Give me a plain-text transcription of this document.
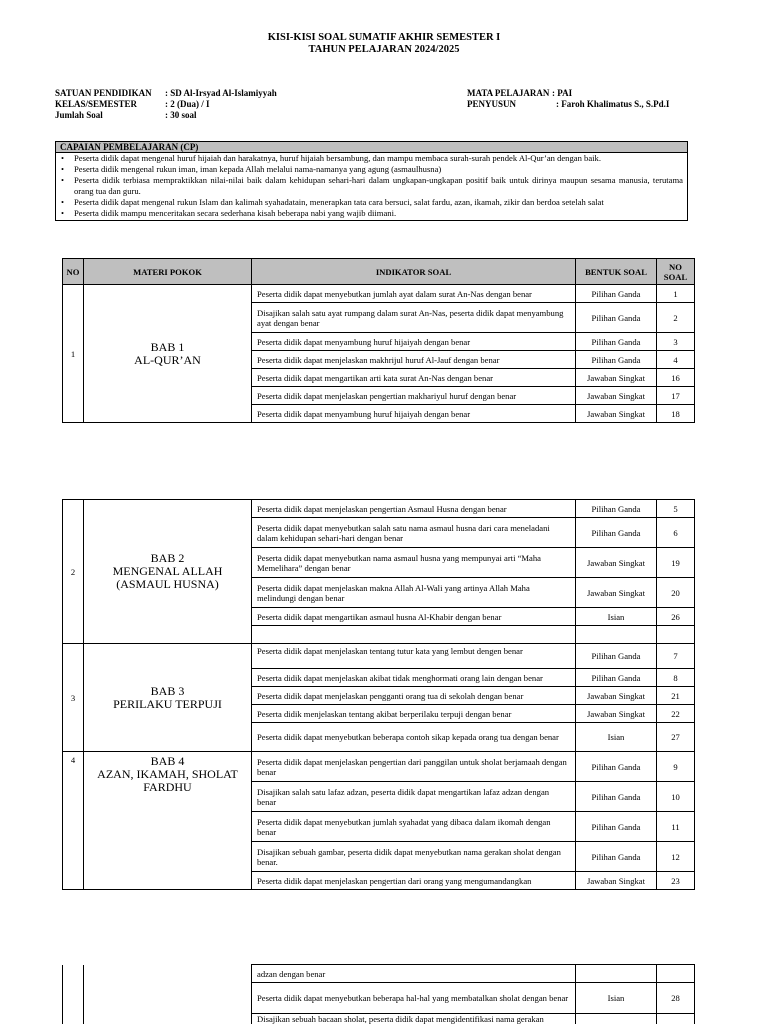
KISI-KISI SOAL SUMATIF AKHIR SEMESTER I
TAHUN PELAJARAN 2024/2025
SATUAN PENDIDIKAN : SD Al-Irsyad Al-Islamiyyah
KELAS/SEMESTER	: 2 (Dua) / I
Jumlah Soal	: 30 soal
MATA PELAJARAN : PAI
PENYUSUN	: Faroh Khalimatus S., S.Pd.I
CAPAIAN PEMBELAJARAN (CP)
• Peserta didik dapat mengenal huruf hijaiah dan harakatnya, huruf hijaiah bersambung, dan mampu membaca surah-surah pendek Al-Qur’an dengan baik.
• Peserta didik mengenal rukun iman, iman kepada Allah melalui nama-namanya yang agung (asmaulhusna)
• Peserta didik terbiasa mempraktikkan nilai-nilai baik dalam kehidupan sehari-hari dalam ungkapan-ungkapan positif baik untuk dirinya maupun sesama manusia, terutama orang tua dan guru.
• Peserta didik dapat mengenal rukun Islam dan kalimah syahadatain, menerapkan tata cara bersuci, salat fardu, azan, ikamah, zikir dan berdoa setelah salat
• Peserta didik mampu menceritakan secara sederhana kisah beberapa nabi yang wajib diimani.
NO	MATERI POKOK	INDIKATOR SOAL	BENTUK SOAL	NO
SOAL
1	BAB 1
AL-QUR’AN	Peserta didik dapat menyebutkan jumlah ayat dalam surat An-Nas dengan benar	Pilihan Ganda	1
		Disajikan salah satu ayat rumpang dalam surat An-Nas, peserta didik dapat menyambung ayat dengan benar	Pilihan Ganda	2
		Peserta didik dapat menyambung huruf hijaiyah dengan benar	Pilihan Ganda	3
		Peserta didik dapat menjelaskan makhrijul huruf Al-Jauf dengan benar	Pilihan Ganda	4
		Peserta didik dapat mengartikan arti kata surat An-Nas dengan benar	Jawaban Singkat	16
		Peserta didik dapat menjelaskan pengertian makhariyul huruf dengan benar	Jawaban Singkat	17
		Peserta didik dapat menyambung huruf hijaiyah dengan benar	Jawaban Singkat	18
2	BAB 2
MENGENAL ALLAH
(ASMAUL HUSNA)	Peserta didik dapat menjelaskan pengertian Asmaul Husna dengan benar	Pilihan Ganda	5
		Peserta didik dapat menyebutkan salah satu nama asmaul husna dari cara meneladani dalam kehidupan sehari-hari dengan benar	Pilihan Ganda	6
		Peserta didik dapat menyebutkan nama asmaul husna yang mempunyai arti “Maha Memelihara” dengan benar	Jawaban Singkat	19
		Peserta didik dapat menjelaskan makna Allah Al-Wali yang artinya Allah Maha melindungi dengan benar	Jawaban Singkat	20
		Peserta didik dapat mengartikan asmaul husna Al-Khabir dengan benar	Isian	26

3	BAB 3
PERILAKU TERPUJI	Peserta didik dapat menjelaskan tentang tutur kata yang lembut dengen benar	Pilihan Ganda	7
		Peserta didik dapat menjelaskan akibat tidak menghormati orang lain dengan benar	Pilihan Ganda	8
		Peserta didik dapat menjelaskan pengganti orang tua di sekolah dengan benar	Jawaban Singkat	21
		Peserta didik menjelaskan tentang akibat berperilaku terpuji dengan benar	Jawaban Singkat	22
		Peserta didik dapat menyebutkan beberapa contoh sikap kepada orang tua dengan benar	Isian	27
4	BAB 4
AZAN, IKAMAH, SHOLAT
FARDHU	Peserta didik dapat menjelaskan pengertian dari panggilan untuk sholat berjamaah dengan benar	Pilihan Ganda	9
		Disajikan salah satu lafaz adzan, peserta didik dapat mengartikan lafaz adzan dengan benar	Pilihan Ganda	10
		Peserta didik dapat menyebutkan jumlah syahadat yang dibaca dalam ikomah dengan benar	Pilihan Ganda	11
		Disajikan sebuah gambar, peserta didik dapat menyebutkan nama gerakan sholat dengan benar.	Pilihan Ganda	12
		Peserta didik dapat menjelaskan pengertian dari orang yang mengumandangkan	Jawaban Singkat	23
		adzan dengan benar		
		Peserta didik dapat menyebutkan beberapa hal-hal yang membatalkan sholat dengan benar	Isian	28
		Disajikan sebuah bacaan sholat, peserta didik dapat mengidentifikasi nama gerakan		
